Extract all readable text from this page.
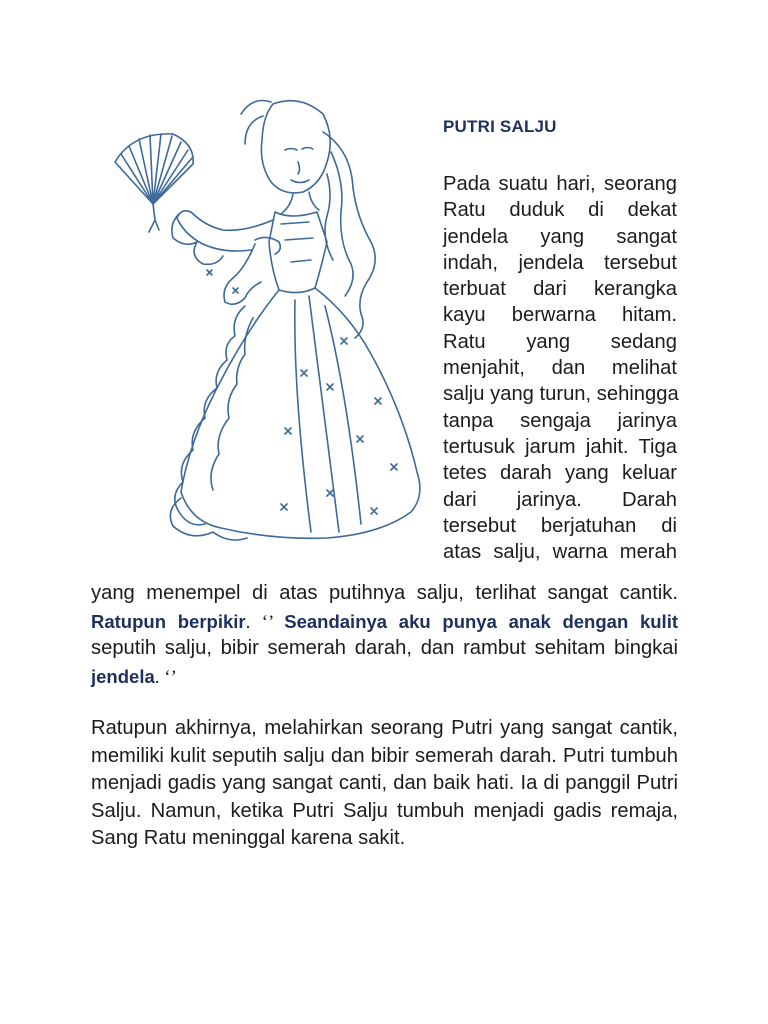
PUTRI SALJU
Pada suatu hari, seorang
Ratu duduk di dekat
jendela yang sangat
indah, jendela tersebut
terbuat dari kerangka
kayu berwarna hitam.
Ratu yang sedang
menjahit, dan melihat
salju yang turun, sehingga
tanpa sengaja jarinya
tertusuk jarum jahit. Tiga
tetes darah yang keluar
dari jarinya. Darah
tersebut berjatuhan di
atas salju, warna merah
yang menempel di atas putihnya salju, terlihat sangat cantik.
Ratupun berpikir. ‘’ Seandainya aku punya anak dengan kulit
seputih salju, bibir semerah darah, dan rambut sehitam bingkai
jendela. ‘’
Ratupun akhirnya, melahirkan seorang Putri yang sangat cantik,
memiliki kulit seputih salju dan bibir semerah darah. Putri tumbuh
menjadi gadis yang sangat canti, dan baik hati. Ia di panggil Putri
Salju. Namun, ketika Putri Salju tumbuh menjadi gadis remaja,
Sang Ratu meninggal karena sakit.
